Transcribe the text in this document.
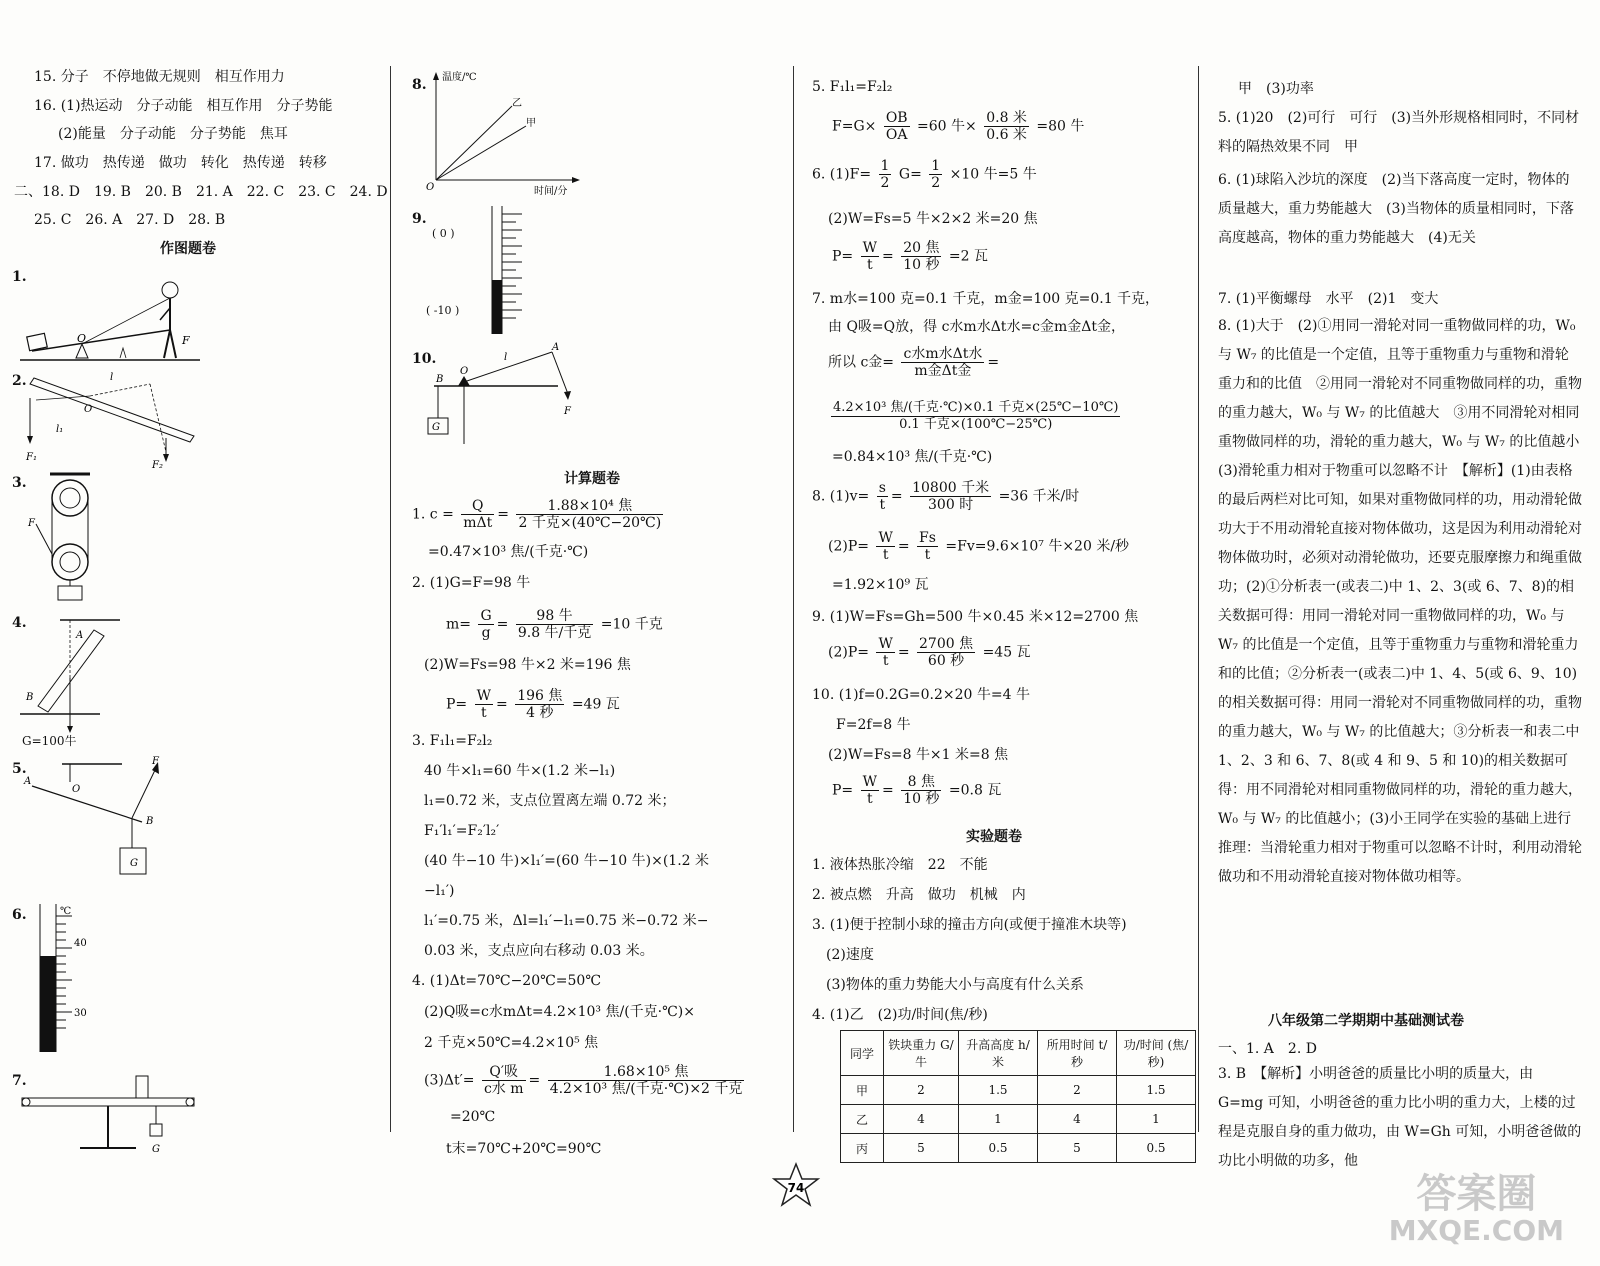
15. 分子　不停地做无规则　相互作用力
16. (1)热运动　分子动能　相互作用　分子势能
(2)能量　分子动能　分子势能　焦耳
17. 做功　热传递　做功　转化　热传递　转移
二、18. D　19. B　20. B　21. A　22. C　23. C　24. D
25. C　26. A　27. D　28. B
作图题卷
1.
O	F
2.
O
l
l₁
F₁
F₂
3.
F
4.
A
B
G=100牛
5.
A
O
B
F
G
6.	℃
40
30
7.
G
8. 温度/℃
时间/分
乙
甲
O
9.
( 0 )
( -10 )
10.
G
B
O
A
F
l
计算题卷
1. $c = \frac{Q}{\text{mΔt}} = \frac{\text{1.88×10⁴ 焦}}{\text{2 千克×(40℃−20℃)}}$
=0.47×10³ 焦/(千克·℃)
2. (1)G=F=98 牛
$m= \frac{G}{g} = \frac{\text{98 牛}}{\text{9.8 牛/千克}} =10$ 千克
(2)W=Fs=98 牛×2 米=196 焦
$P= \frac{W}{t} = \frac{\text{196 焦}}{\text{4 秒}} =49$ 瓦
3. F₁l₁=F₂l₂
40 牛×l₁=60 牛×(1.2 米−l₁)
l₁=0.72 米，支点位置离左端 0.72 米；
F₁′l₁′=F₂′l₂′
(40 牛−10 牛)×l₁′=(60 牛−10 牛)×(1.2 米
−l₁′)
l₁′=0.75 米，Δl=l₁′−l₁=0.75 米−0.72 米−
0.03 米，支点应向右移动 0.03 米。
4. (1)Δt=70℃−20℃=50℃
(2)Q吸=c水mΔt=4.2×10³ 焦/(千克·℃)×
2 千克×50℃=4.2×10⁵ 焦
$(3)\Delta t'= \frac{\text{Q′吸}}{\text{c水 m}} = \frac{\text{1.68×10⁵ 焦}}{\text{4.2×10³ 焦/(千克·℃)×2 千克}}$
=20℃
t末=70℃+20℃=90℃
5. F₁l₁=F₂l₂
$F=G\times \frac{OB}{OA} =60$ 牛× $\frac{\text{0.8 米}}{\text{0.6 米}} =80$ 牛
6. $(1)F= \frac{1}{2} G= \frac{1}{2} \times 10$ 牛=5 牛
(2)W=Fs=5 牛×2×2 米=20 焦
$P= \frac{W}{t} = \frac{\text{20 焦}}{\text{10 秒}} =2$ 瓦
7. m水=100 克=0.1 千克，m金=100 克=0.1 千克，
由 Q吸=Q放，得 c水m水Δt水=c金m金Δt金，
所以 c金= $\frac{\text{c水m水Δt水}}{\text{m金Δt金}}$ =
$\frac{\text{4.2×10³ 焦/(千克·℃)×0.1 千克×(25℃−10℃)}}{\text{0.1 千克×(100℃−25℃)}}$
=0.84×10³ 焦/(千克·℃)
8. $(1)v= \frac{s}{t} = \frac{\text{10800 千米}}{\text{300 时}} =36$ 千米/时
$(2)P= \frac{W}{t} = \frac{Fs}{t} =Fv=9.6\times 10^7$ 牛×20 米/秒
=1.92×10⁹ 瓦
9. (1)W=Fs=Gh=500 牛×0.45 米×12=2700 焦
$(2)P= \frac{W}{t} = \frac{\text{2700 焦}}{\text{60 秒}} =45$ 瓦
10. (1)f=0.2G=0.2×20 牛=4 牛
F=2f=8 牛
(2)W=Fs=8 牛×1 米=8 焦
$P= \frac{W}{t} = \frac{\text{8 焦}}{\text{10 秒}} =0.8$ 瓦
实验题卷
1. 液体热胀冷缩　22　不能
2. 被点燃　升高　做功　机械　内
3. (1)便于控制小球的撞击方向(或便于撞准木块等)
(2)速度
(3)物体的重力势能大小与高度有什么关系
4. (1)乙　(2)功/时间(焦/秒)
同学	铁块重力 G/牛	升高高度 h/米	所用时间 t/秒	功/时间 (焦/秒)
甲	2	1.5	2	1.5
乙	4	1	4	1
丙	5	0.5	5	0.5
甲　(3)功率
5. (1)20　(2)可行　可行　(3)当外形规格相同时，不同材料的隔热效果不同　甲
6. (1)球陷入沙坑的深度　(2)当下落高度一定时，物体的质量越大，重力势能越大　(3)当物体的质量相同时，下落高度越高，物体的重力势能越大　(4)无关
7. (1)平衡螺母　水平　(2)1　变大
8. (1)大于　(2)①用同一滑轮对同一重物做同样的功，W₀ 与 W₇ 的比值是一个定值，且等于重物重力与重物和滑轮重力和的比值　②用同一滑轮对不同重物做同样的功，重物的重力越大，W₀ 与 W₇ 的比值越大　③用不同滑轮对相同重物做同样的功，滑轮的重力越大，W₀ 与 W₇ 的比值越小　(3)滑轮重力相对于物重可以忽略不计　【解析】(1)由表格的最后两栏对比可知，如果对重物做同样的功，用动滑轮做功大于不用动滑轮直接对物体做功，这是因为利用动滑轮对物体做功时，必须对动滑轮做功，还要克服摩擦力和绳重做功；(2)①分析表一(或表二)中 1、2、3(或 6、7、8)的相关数据可得：用同一滑轮对同一重物做同样的功，W₀ 与 W₇ 的比值是一个定值，且等于重物重力与重物和滑轮重力和的比值；②分析表一(或表二)中 1、4、5(或 6、9、10)的相关数据可得：用同一滑轮对不同重物做同样的功，重物的重力越大，W₀ 与 W₇ 的比值越大；③分析表一和表二中 1、2、3 和 6、7、8(或 4 和 9、5 和 10)的相关数据可得：用不同滑轮对相同重物做同样的功，滑轮的重力越大，W₀ 与 W₇ 的比值越小；(3)小王同学在实验的基础上进行推理：当滑轮重力相对于物重可以忽略不计时，利用动滑轮做功和不用动滑轮直接对物体做功相等。
八年级第二学期期中基础测试卷
一、1. A　2. D
3. B　【解析】小明爸爸的质量比小明的质量大，由 G=mg 可知，小明爸爸的重力比小明的重力大，上楼的过程是克服自身的重力做功，由 W=Gh 可知，小明爸爸做的功比小明做的功多，他
74	答案圈
MXQE.COM
